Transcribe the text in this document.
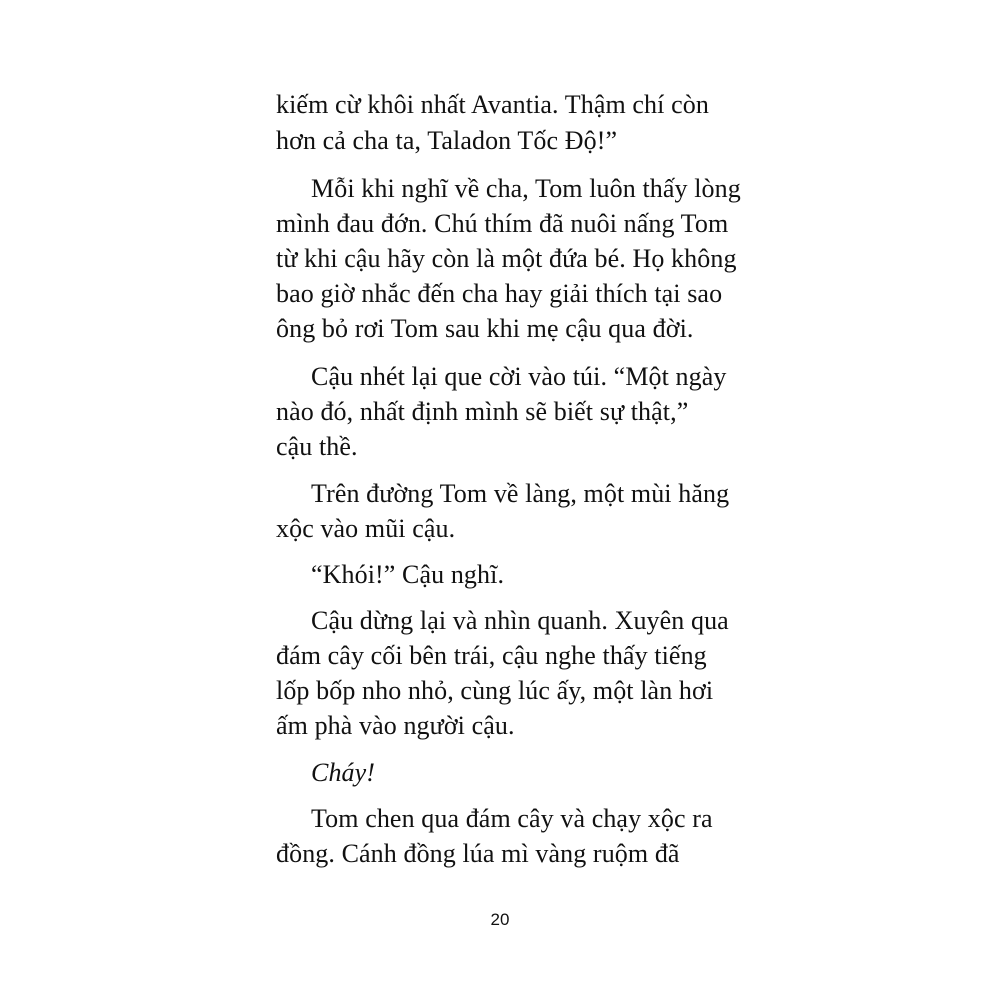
kiếm cừ khôi nhất Avantia. Thậm chí còn
hơn cả cha ta, Taladon Tốc Độ!”
Mỗi khi nghĩ về cha, Tom luôn thấy lòng
mình đau đớn. Chú thím đã nuôi nấng Tom
từ khi cậu hãy còn là một đứa bé. Họ không
bao giờ nhắc đến cha hay giải thích tại sao
ông bỏ rơi Tom sau khi mẹ cậu qua đời.
Cậu nhét lại que cời vào túi. “Một ngày
nào đó, nhất định mình sẽ biết sự thật,”
cậu thề.
Trên đường Tom về làng, một mùi hăng
xộc vào mũi cậu.
“Khói!” Cậu nghĩ.
Cậu dừng lại và nhìn quanh. Xuyên qua
đám cây cối bên trái, cậu nghe thấy tiếng
lốp bốp nho nhỏ, cùng lúc ấy, một làn hơi
ấm phà vào người cậu.
Cháy!
Tom chen qua đám cây và chạy xộc ra
đồng. Cánh đồng lúa mì vàng ruộm đã
20
